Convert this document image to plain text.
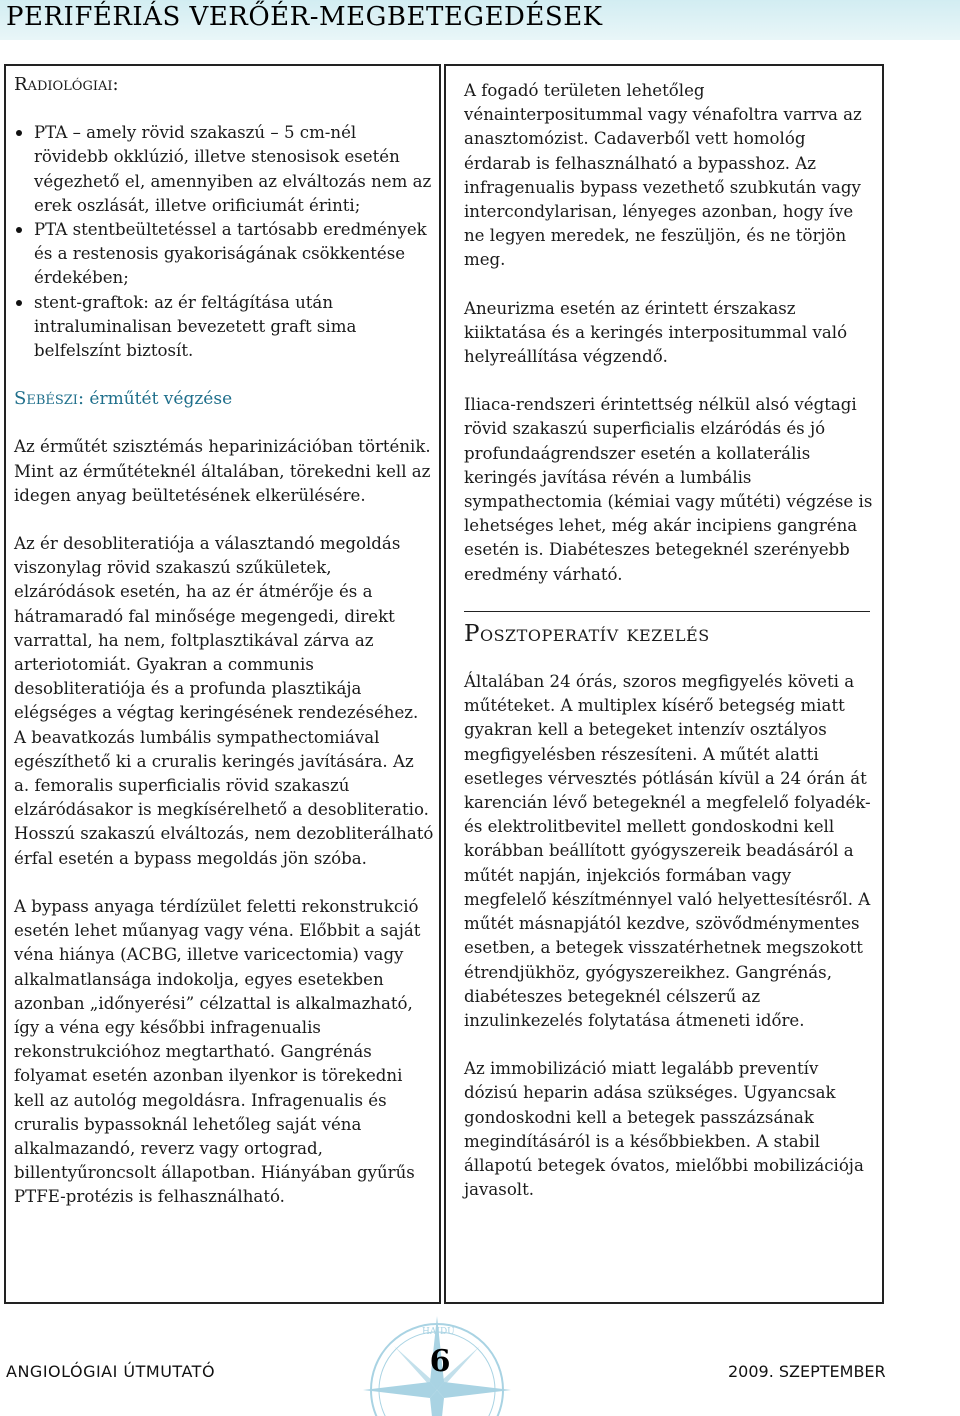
PERIFÉRIÁS VERŐÉR-MEGBETEGEDÉSEK
Radiológiai:
PTA – amely rövid szakaszú – 5 cm-nél rövidebb okklúzió, illetve stenosisok esetén végezhető el, amennyiben az elváltozás nem az erek oszlását, illetve orificiumát érinti;
PTA stentbeültetéssel a tartósabb eredmények és a restenosis gyakoriságának csökkentése érdekében;
stent-graftok: az ér feltágítása után intraluminalisan bevezetett graft sima belfelszínt biztosít.
Sebészi: érműtét végzése

Az érműtét szisztémás heparinizációban történik. Mint az érműtéteknél általában, törekedni kell az idegen anyag beültetésének elkerülésére.

Az ér desobliteratiója a választandó megoldás viszonylag rövid szakaszú szűkületek, elzáródások esetén, ha az ér átmérője és a hátramaradó fal minősége megengedi, direkt varrattal, ha nem, foltplasztikával zárva az arteriotomiát. Gyakran a communis desobliteratiója és a profunda plasztikája elégséges a végtag keringésének rendezéséhez. A beavatkozás lumbális sympathectomiával egészíthető ki a cruralis keringés javítására. Az a. femoralis superficialis rövid szakaszú elzáródásakor is megkísérelhető a desobliteratio. Hosszú szakaszú elváltozás, nem dezobliterálható érfal esetén a bypass megoldás jön szóba.

A bypass anyaga térdízület feletti rekonstrukció esetén lehet műanyag vagy véna. Előbbit a saját véna hiánya (ACBG, illetve varicectomia) vagy alkalmatlansága indokolja, egyes esetekben azonban „időnyerési” célzattal is alkalmazható, így a véna egy későbbi infragenualis rekonstrukcióhoz megtartható. Gangrénás folyamat esetén azonban ilyenkor is törekedni kell az autológ megoldásra. Infragenualis és cruralis bypassoknál lehetőleg saját véna alkalmazandó, reverz vagy ortograd, billentyűroncsolt állapotban. Hiányában gyűrűs PTFE-protézis is felhasználható.

A fogadó területen lehetőleg vénainterpositummal vagy vénafoltra varrva az anasztomózist. Cadaverből vett homológ érdarab is felhasználható a bypasshoz. Az infragenualis bypass vezethető szubkután vagy intercondylarisan, lényeges azonban, hogy íve ne legyen meredek, ne feszüljön, és ne törjön meg.

Aneurizma esetén az érintett érszakasz kiiktatása és a keringés interpositummal való helyreállítása végzendő.

Iliaca-rendszeri érintettség nélkül alsó végtagi rövid szakaszú superficialis elzáródás és jó profundaágrendszer esetén a kollaterális keringés javítása révén a lumbális sympathectomia (kémiai vagy műtéti) végzése is lehetséges lehet, még akár incipiens gangréna esetén is. Diabéteszes betegeknél szerényebb eredmény várható.

Posztoperatív kezelés

Általában 24 órás, szoros megfigyelés követi a műtéteket. A multiplex kísérő betegség miatt gyakran kell a betegeket intenzív osztályos megfigyelésben részesíteni. A műtét alatti esetleges vérvesztés pótlásán kívül a 24 órán át karencián lévő betegeknél a megfelelő folyadék- és elektrolitbevitel mellett gondoskodni kell korábban beállított gyógyszereik beadásáról a műtét napján, injekciós formában vagy megfelelő készítménnyel való helyettesítésről. A műtét másnapjától kezdve, szövődménymentes esetben, a betegek visszatérhetnek megszokott étrendjükhöz, gyógyszereikhez. Gangrénás, diabéteszes betegeknél célszerű az inzulinkezelés folytatása átmeneti időre.

Az immobilizáció miatt legalább preventív dózisú heparin adása szükséges. Ugyancsak gondoskodni kell a betegek passzázsának megindításáról is a későbbiekben. A stabil állapotú betegek óvatos, mielőbbi mobilizációja javasolt.

HAJDÚ
ANGIOLÓGIAI ÚTMUTATÓ	6	2009. SZEPTEMBER
